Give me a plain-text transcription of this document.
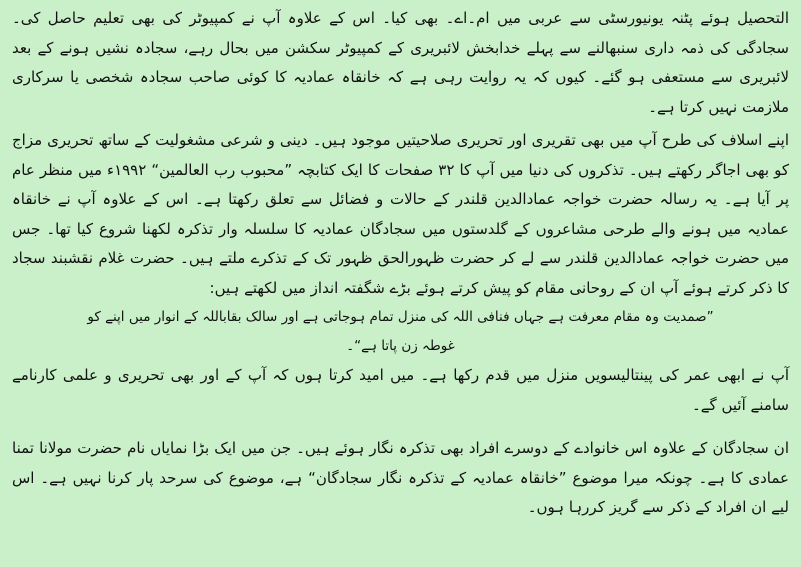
التحصیل ہوئے پٹنہ یونیورسٹی سے عربی میں ام۔اے۔ بھی کیا۔ اس کے علاوہ آپ نے کمپیوٹر کی بھی تعلیم حاصل کی۔ سجادگی کی ذمہ داری سنبھالنے سے پہلے خدابخش لائبریری کے کمپیوٹر سکشن میں بحال رہے، سجادہ نشیں ہونے کے بعد لائبریری سے مستعفی ہو گئے۔ کیوں کہ یہ روایت رہی ہے کہ خانقاہ عمادیہ کا کوئی صاحب سجادہ شخصی یا سرکاری ملازمت نہیں کرتا ہے۔

اپنے اسلاف کی طرح آپ میں بھی تقریری اور تحریری صلاحیتیں موجود ہیں۔ دینی و شرعی مشغولیت کے ساتھ تحریری مزاج کو بھی اجاگر رکھتے ہیں۔ تذکروں کی دنیا میں آپ کا ۳۲ صفحات کا ایک کتابچہ ”محبوب رب العالمین“ ۱۹۹۲ء میں منظر عام پر آیا ہے۔ یہ رسالہ حضرت خواجہ عمادالدین قلندر کے حالات و فضائل سے تعلق رکھتا ہے۔ اس کے علاوہ آپ نے خانقاہ عمادیہ میں ہونے والے طرحی مشاعروں کے گلدستوں میں سجادگان عمادیہ کا سلسلہ وار تذکرہ لکھنا شروع کیا تھا۔ جس میں حضرت خواجہ عمادالدین قلندر سے لے کر حضرت ظہورالحق ظہور تک کے تذکرے ملتے ہیں۔ حضرت غلام نقشبند سجاد کا ذکر کرتے ہوئے آپ ان کے روحانی مقام کو پیش کرتے ہوئے بڑے شگفتہ انداز میں لکھتے ہیں:

”صمدیت وہ مقام معرفت ہے جہاں فنافی اللہ کی منزل تمام ہوجاتی ہے اور سالک بقاباللہ کے انوار میں اپنے کو غوطہ زن پاتا ہے“۔

آپ نے ابھی عمر کی پینتالیسویں منزل میں قدم رکھا ہے۔ میں امید کرتا ہوں کہ آپ کے اور بھی تحریری و علمی کارنامے سامنے آئیں گے۔

ان سجادگان کے علاوہ اس خانوادے کے دوسرے افراد بھی تذکرہ نگار ہوئے ہیں۔ جن میں ایک بڑا نمایاں نام حضرت مولانا تمنا عمادی کا ہے۔ چونکہ میرا موضوع ”خانقاہ عمادیہ کے تذکرہ نگار سجادگان“ ہے، موضوع کی سرحد پار کرنا نہیں ہے۔ اس لیے ان افراد کے ذکر سے گریز کررہا ہوں۔
